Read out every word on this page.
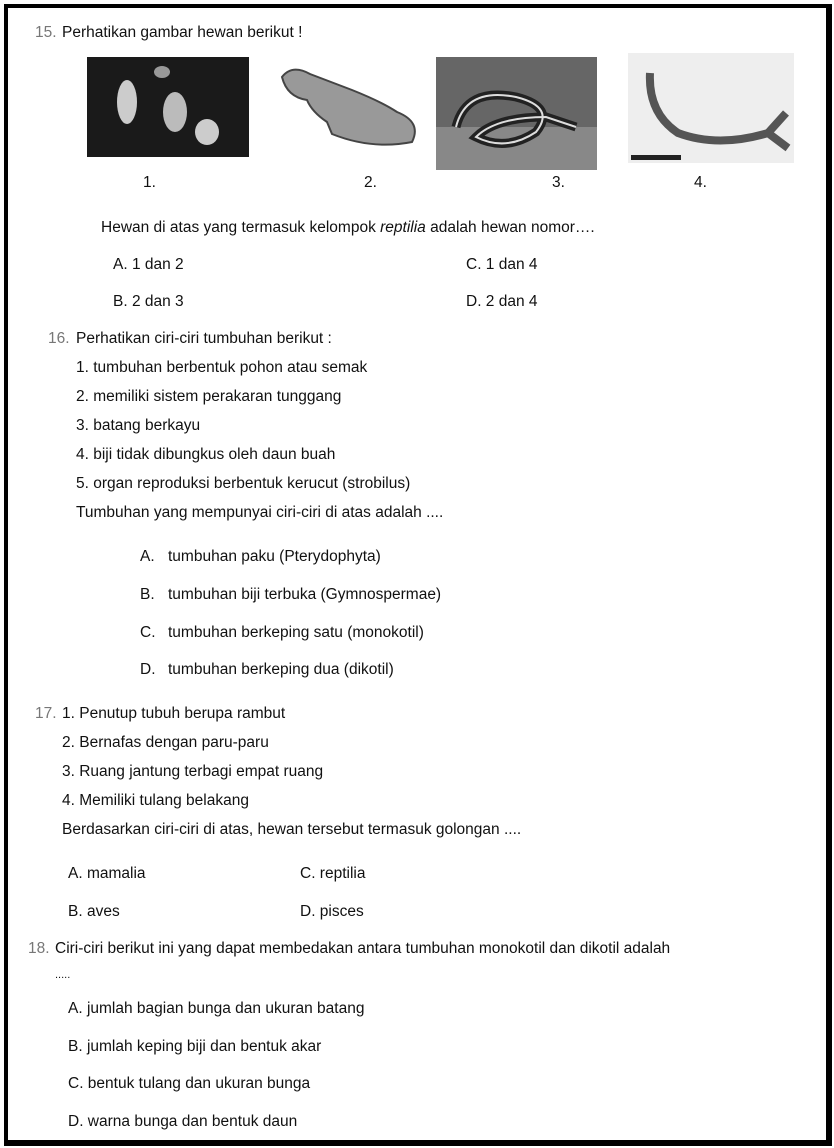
15. Perhatikan gambar hewan berikut !
1.	2.	3.	4.
Hewan di atas yang termasuk kelompok reptilia adalah hewan nomor….
A. 1 dan 2
B. 2 dan 3
C. 1 dan 4
D. 2 dan 4
16. Perhatikan ciri-ciri tumbuhan berikut :
1. tumbuhan berbentuk pohon atau semak
2. memiliki sistem perakaran tunggang
3. batang berkayu
4. biji tidak dibungkus oleh daun buah
5. organ reproduksi berbentuk kerucut (strobilus)
Tumbuhan yang mempunyai ciri-ciri di atas adalah ....
A. tumbuhan paku (Pterydophyta)
B. tumbuhan biji terbuka (Gymnospermae)
C. tumbuhan berkeping satu (monokotil)
D. tumbuhan berkeping dua (dikotil)
17. 1. Penutup tubuh berupa rambut
2. Bernafas dengan paru-paru
3. Ruang jantung terbagi empat ruang
4. Memiliki tulang belakang
Berdasarkan ciri-ciri di atas, hewan tersebut termasuk golongan ....
A. mamalia
B. aves
C. reptilia
D. pisces
18. Ciri-ciri berikut ini yang dapat membedakan antara tumbuhan monokotil dan dikotil adalah
.....
A. jumlah bagian bunga dan ukuran batang
B. jumlah keping biji dan bentuk akar
C. bentuk tulang dan ukuran bunga
D. warna bunga dan bentuk daun
